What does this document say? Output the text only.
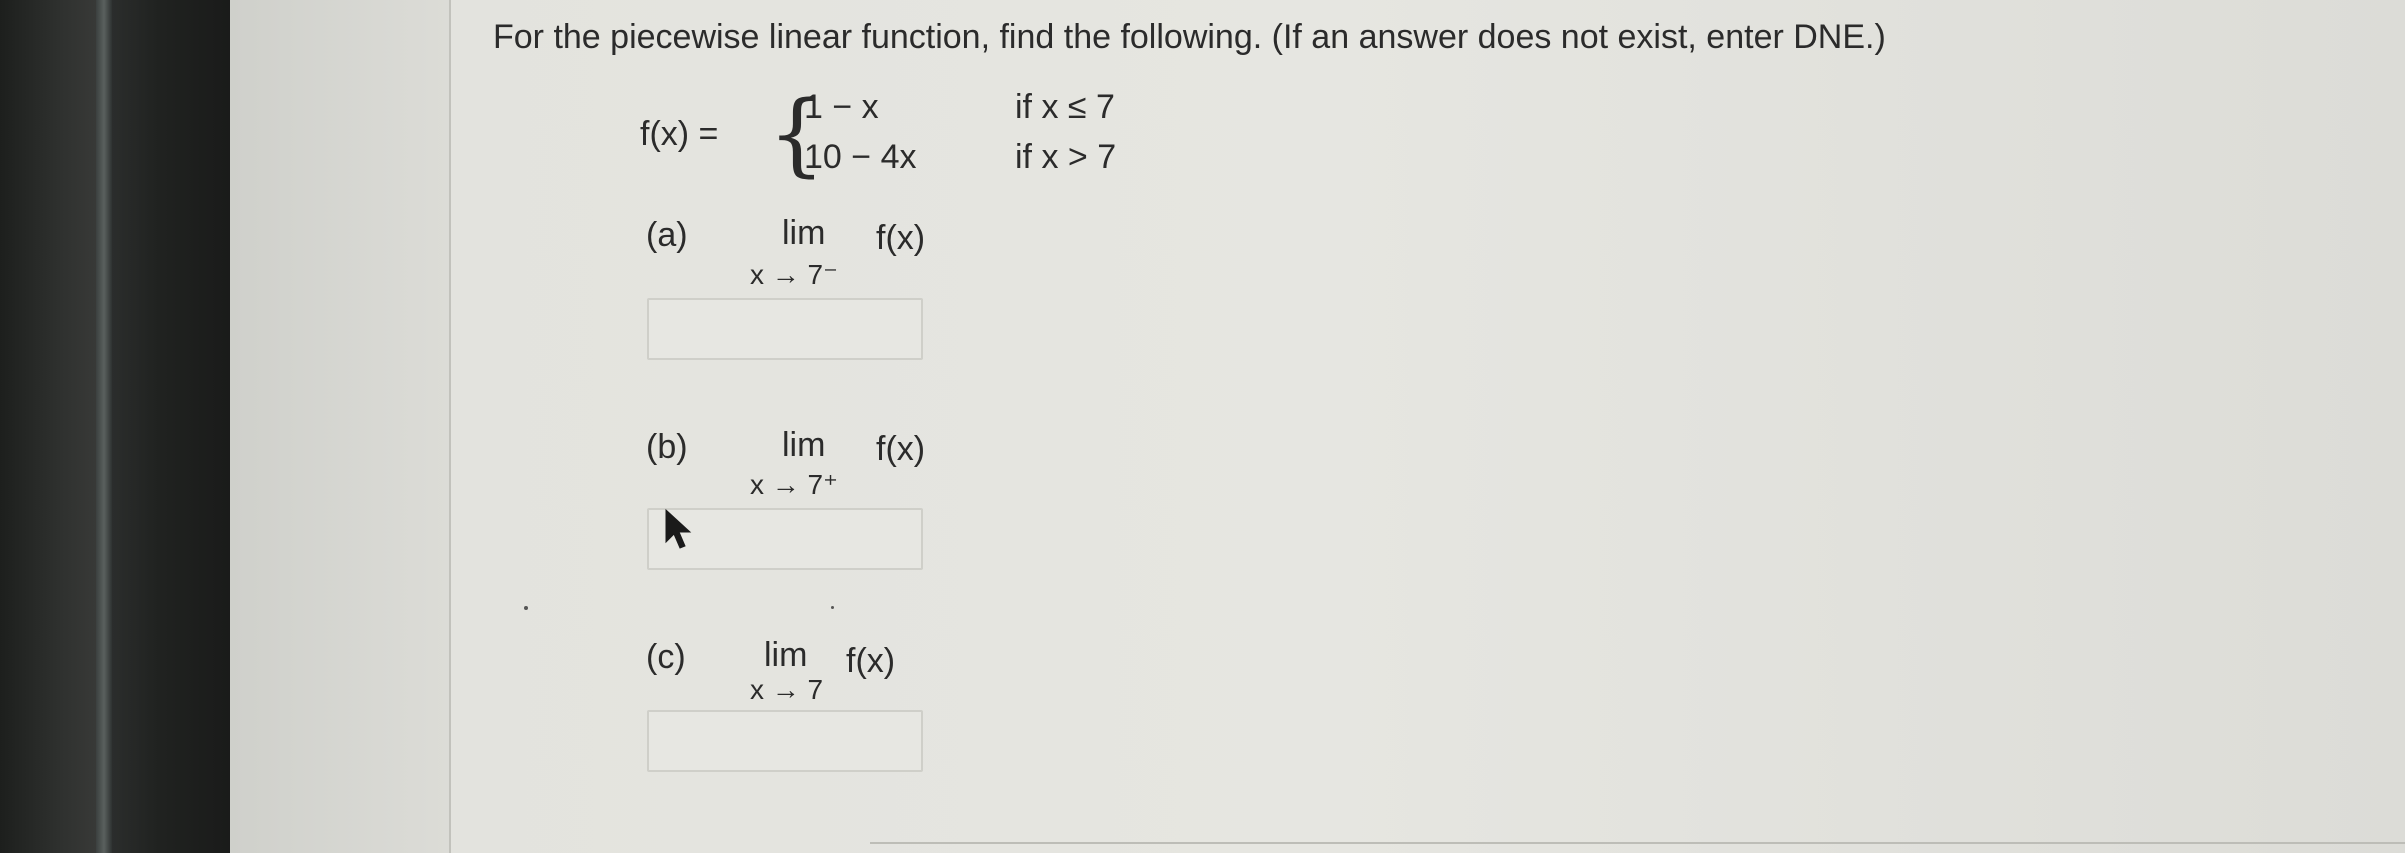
For the piecewise linear function, find the following. (If an answer does not exist, enter DNE.)
f(x) = {
1 − x	if x ≤ 7
10 − 4x	if x > 7
(a)	lim
x → 7⁻
f(x)
(b)	lim
x → 7⁺
f(x)
(c) lim
x → 7
f(x)
